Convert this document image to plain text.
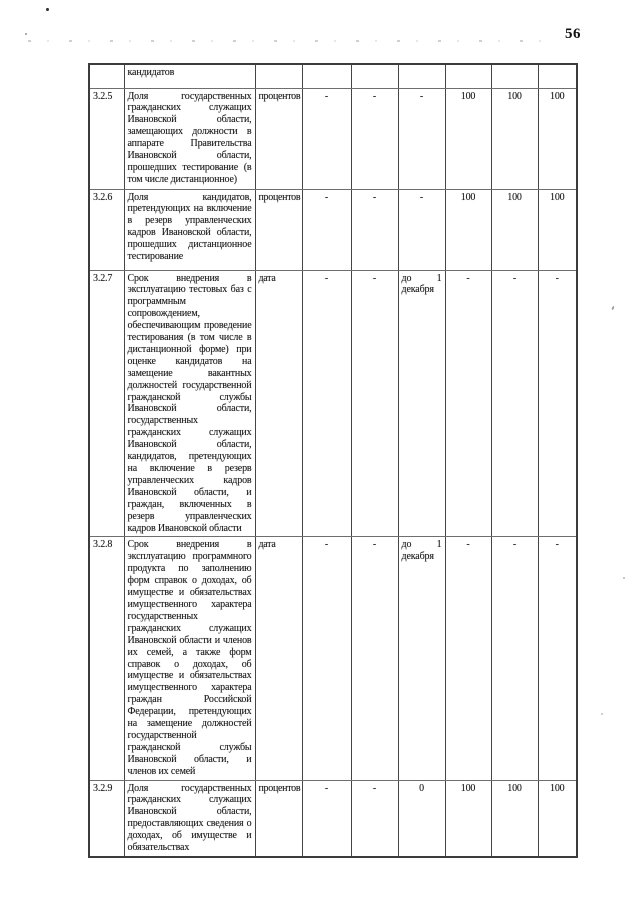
56
	кандидатов							
3.2.5	Доля государственных гражданских служащих Ивановской области, замещающих должности в аппарате Правительства Ивановской области, прошедших тестирование (в том числе дистанционное)	процентов	-	-	-	100	100	100
3.2.6	Доля кандидатов, претендующих на включение в резерв управленческих кадров Ивановской области, прошедших дистанционное тестирование	процентов	-	-	-	100	100	100
3.2.7	Срок внедрения в эксплуатацию тестовых баз с программным сопровождением, обеспечивающим проведение тестирования (в том числе в дистанционной форме) при оценке кандидатов на замещение вакантных должностей государственной гражданской службы Ивановской области, государственных гражданских служащих Ивановской области, кандидатов, претендующих на включение в резерв управленческих кадров Ивановской области, и граждан, включенных в резерв управленческих кадров Ивановской области	дата	-	-	до 1 декабря	-	-	-
3.2.8	Срок внедрения в эксплуатацию программного продукта по заполнению форм справок о доходах, об имуществе и обязательствах имущественного характера государственных гражданских служащих Ивановской области и членов их семей, а также форм справок о доходах, об имуществе и обязательствах имущественного характера граждан Российской Федерации, претендующих на замещение должностей государственной гражданской службы Ивановской области, и членов их семей	дата	-	-	до 1 декабря	-	-	-
3.2.9	Доля государственных гражданских служащих Ивановской области, предоставляющих сведения о доходах, об имуществе и обязательствах	процентов	-	-	0	100	100	100
